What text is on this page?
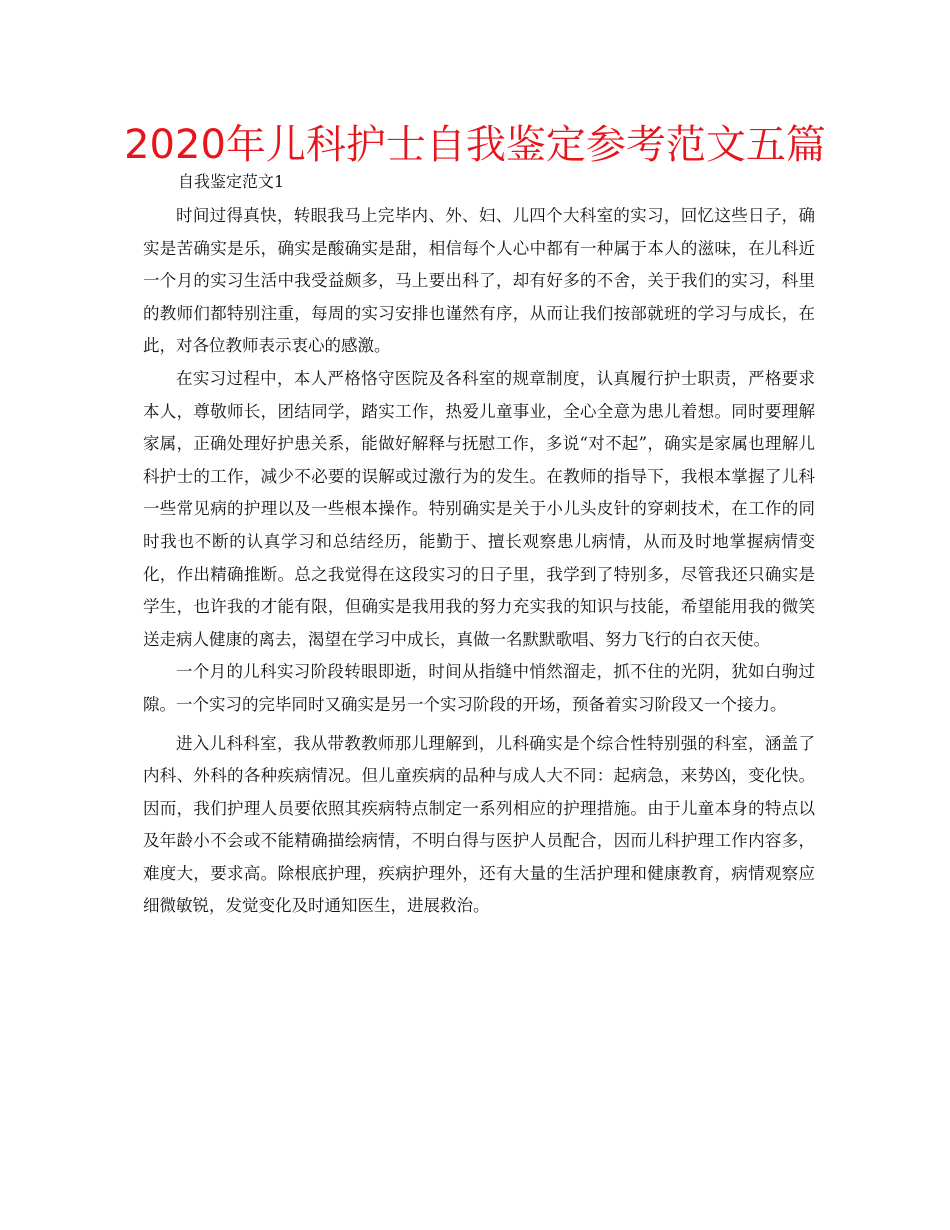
2020年儿科护士自我鉴定参考范文五篇
自我鉴定范文1

时间过得真快，转眼我马上完毕内、外、妇、儿四个大科室的实习，回忆这些日子，确实是苦确实是乐，确实是酸确实是甜，相信每个人心中都有一种属于本人的滋味，在儿科近一个月的实习生活中我受益颇多，马上要出科了，却有好多的不舍，关于我们的实习，科里的教师们都特别注重，每周的实习安排也谨然有序，从而让我们按部就班的学习与成长，在此，对各位教师表示衷心的感激。

在实习过程中，本人严格恪守医院及各科室的规章制度，认真履行护士职责，严格要求本人，尊敬师长，团结同学，踏实工作，热爱儿童事业，全心全意为患儿着想。同时要理解家属，正确处理好护患关系，能做好解释与抚慰工作，多说“对不起”，确实是家属也理解儿科护士的工作，减少不必要的误解或过激行为的发生。在教师的指导下，我根本掌握了儿科一些常见病的护理以及一些根本操作。特别确实是关于小儿头皮针的穿刺技术，在工作的同时我也不断的认真学习和总结经历，能勤于、擅长观察患儿病情，从而及时地掌握病情变化，作出精确推断。总之我觉得在这段实习的日子里，我学到了特别多，尽管我还只确实是学生，也许我的才能有限，但确实是我用我的努力充实我的知识与技能，希望能用我的微笑送走病人健康的离去，渴望在学习中成长，真做一名默默歌唱、努力飞行的白衣天使。

一个月的儿科实习阶段转眼即逝，时间从指缝中悄然溜走，抓不住的光阴，犹如白驹过隙。一个实习的完毕同时又确实是另一个实习阶段的开场，预备着实习阶段又一个接力。

进入儿科科室，我从带教教师那儿理解到，儿科确实是个综合性特别强的科室，涵盖了内科、外科的各种疾病情况。但儿童疾病的品种与成人大不同：起病急，来势凶，变化快。因而，我们护理人员要依照其疾病特点制定一系列相应的护理措施。由于儿童本身的特点以及年龄小不会或不能精确描绘病情，不明白得与医护人员配合，因而儿科护理工作内容多，难度大，要求高。除根底护理，疾病护理外，还有大量的生活护理和健康教育，病情观察应细微敏锐，发觉变化及时通知医生，进展救治。
